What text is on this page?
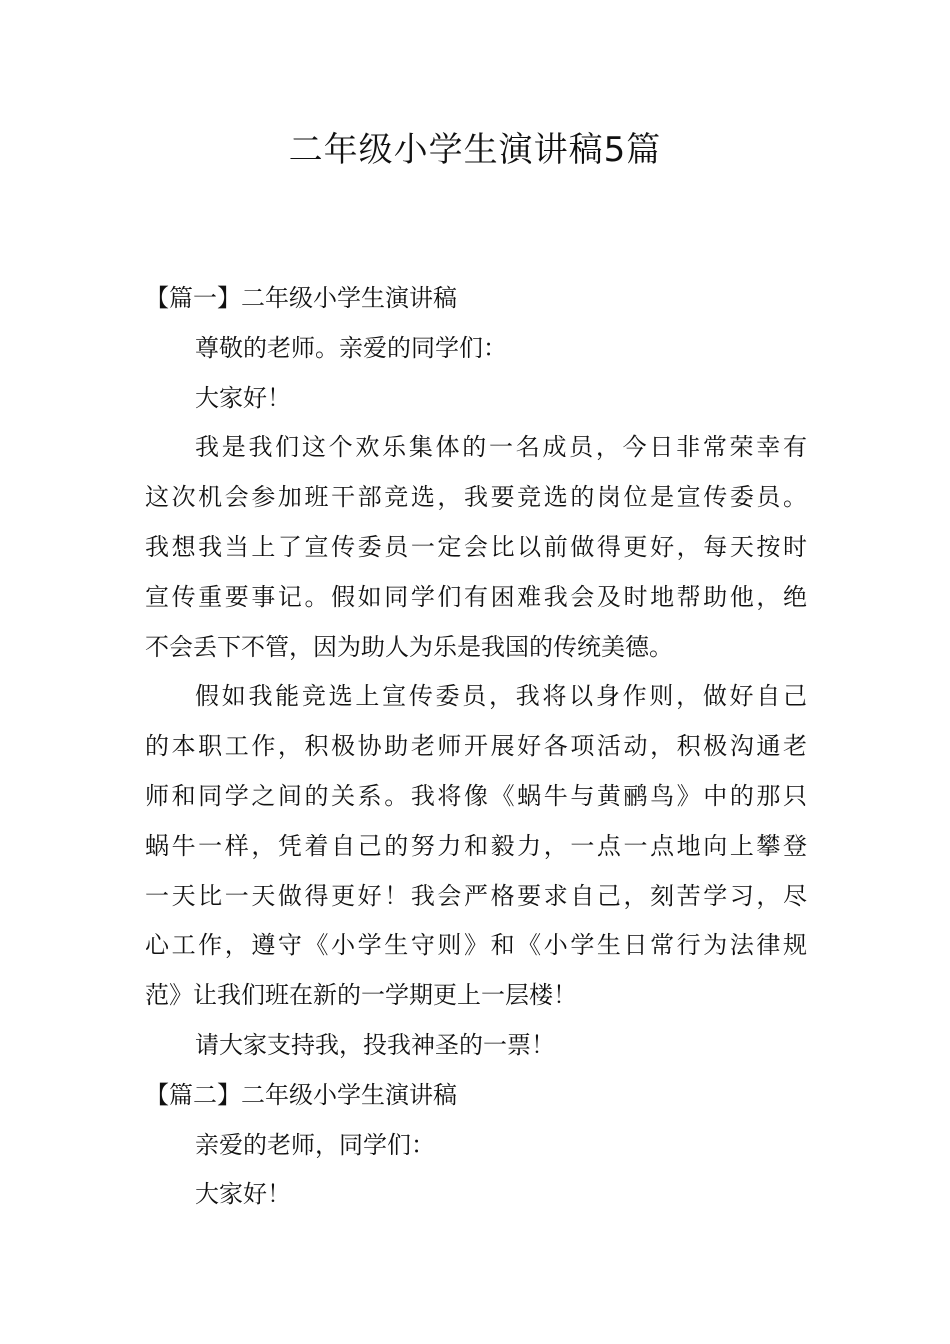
二年级小学生演讲稿5篇
【篇一】二年级小学生演讲稿
尊敬的老师。亲爱的同学们：
大家好！
我是我们这个欢乐集体的一名成员，今日非常荣幸有
这次机会参加班干部竞选，我要竞选的岗位是宣传委员。
我想我当上了宣传委员一定会比以前做得更好，每天按时
宣传重要事记。假如同学们有困难我会及时地帮助他，绝
不会丢下不管，因为助人为乐是我国的传统美德。
假如我能竞选上宣传委员，我将以身作则，做好自己
的本职工作，积极协助老师开展好各项活动，积极沟通老
师和同学之间的关系。我将像《蜗牛与黄鹂鸟》中的那只
蜗牛一样，凭着自己的努力和毅力，一点一点地向上攀登
一天比一天做得更好！我会严格要求自己，刻苦学习，尽
心工作，遵守《小学生守则》和《小学生日常行为法律规
范》让我们班在新的一学期更上一层楼！
请大家支持我，投我神圣的一票！
【篇二】二年级小学生演讲稿
亲爱的老师，同学们：
大家好！
